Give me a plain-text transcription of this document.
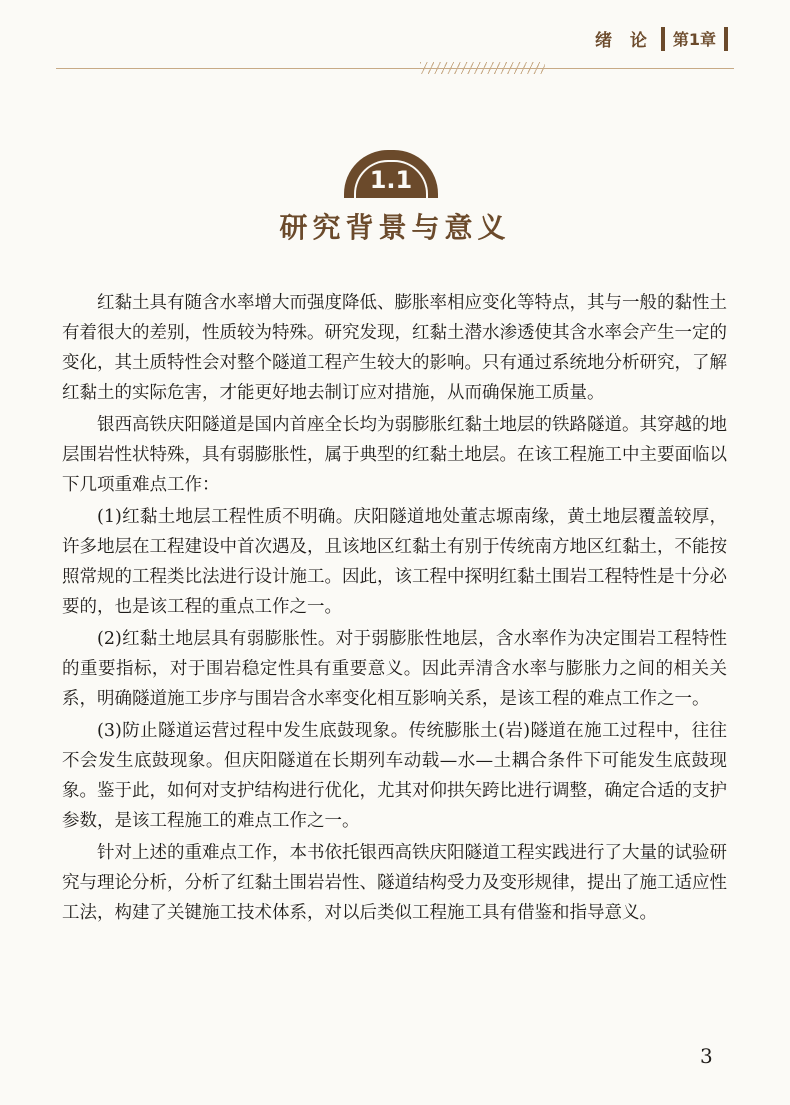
绪 论 第1章
1.1
研究背景与意义

红黏土具有随含水率增大而强度降低、膨胀率相应变化等特点，其与一般的黏性土有着很大的差别，性质较为特殊。研究发现，红黏土潜水渗透使其含水率会产生一定的变化，其土质特性会对整个隧道工程产生较大的影响。只有通过系统地分析研究，了解红黏土的实际危害，才能更好地去制订应对措施，从而确保施工质量。

银西高铁庆阳隧道是国内首座全长均为弱膨胀红黏土地层的铁路隧道。其穿越的地层围岩性状特殊，具有弱膨胀性，属于典型的红黏土地层。在该工程施工中主要面临以下几项重难点工作：

(1)红黏土地层工程性质不明确。庆阳隧道地处董志塬南缘，黄土地层覆盖较厚，许多地层在工程建设中首次遇及，且该地区红黏土有别于传统南方地区红黏土，不能按照常规的工程类比法进行设计施工。因此，该工程中探明红黏土围岩工程特性是十分必要的，也是该工程的重点工作之一。

(2)红黏土地层具有弱膨胀性。对于弱膨胀性地层，含水率作为决定围岩工程特性的重要指标，对于围岩稳定性具有重要意义。因此弄清含水率与膨胀力之间的相关关系，明确隧道施工步序与围岩含水率变化相互影响关系，是该工程的难点工作之一。

(3)防止隧道运营过程中发生底鼓现象。传统膨胀土(岩)隧道在施工过程中，往往不会发生底鼓现象。但庆阳隧道在长期列车动载—水—土耦合条件下可能发生底鼓现象。鉴于此，如何对支护结构进行优化，尤其对仰拱矢跨比进行调整，确定合适的支护参数，是该工程施工的难点工作之一。

针对上述的重难点工作，本书依托银西高铁庆阳隧道工程实践进行了大量的试验研究与理论分析，分析了红黏土围岩岩性、隧道结构受力及变形规律，提出了施工适应性工法，构建了关键施工技术体系，对以后类似工程施工具有借鉴和指导意义。

3
